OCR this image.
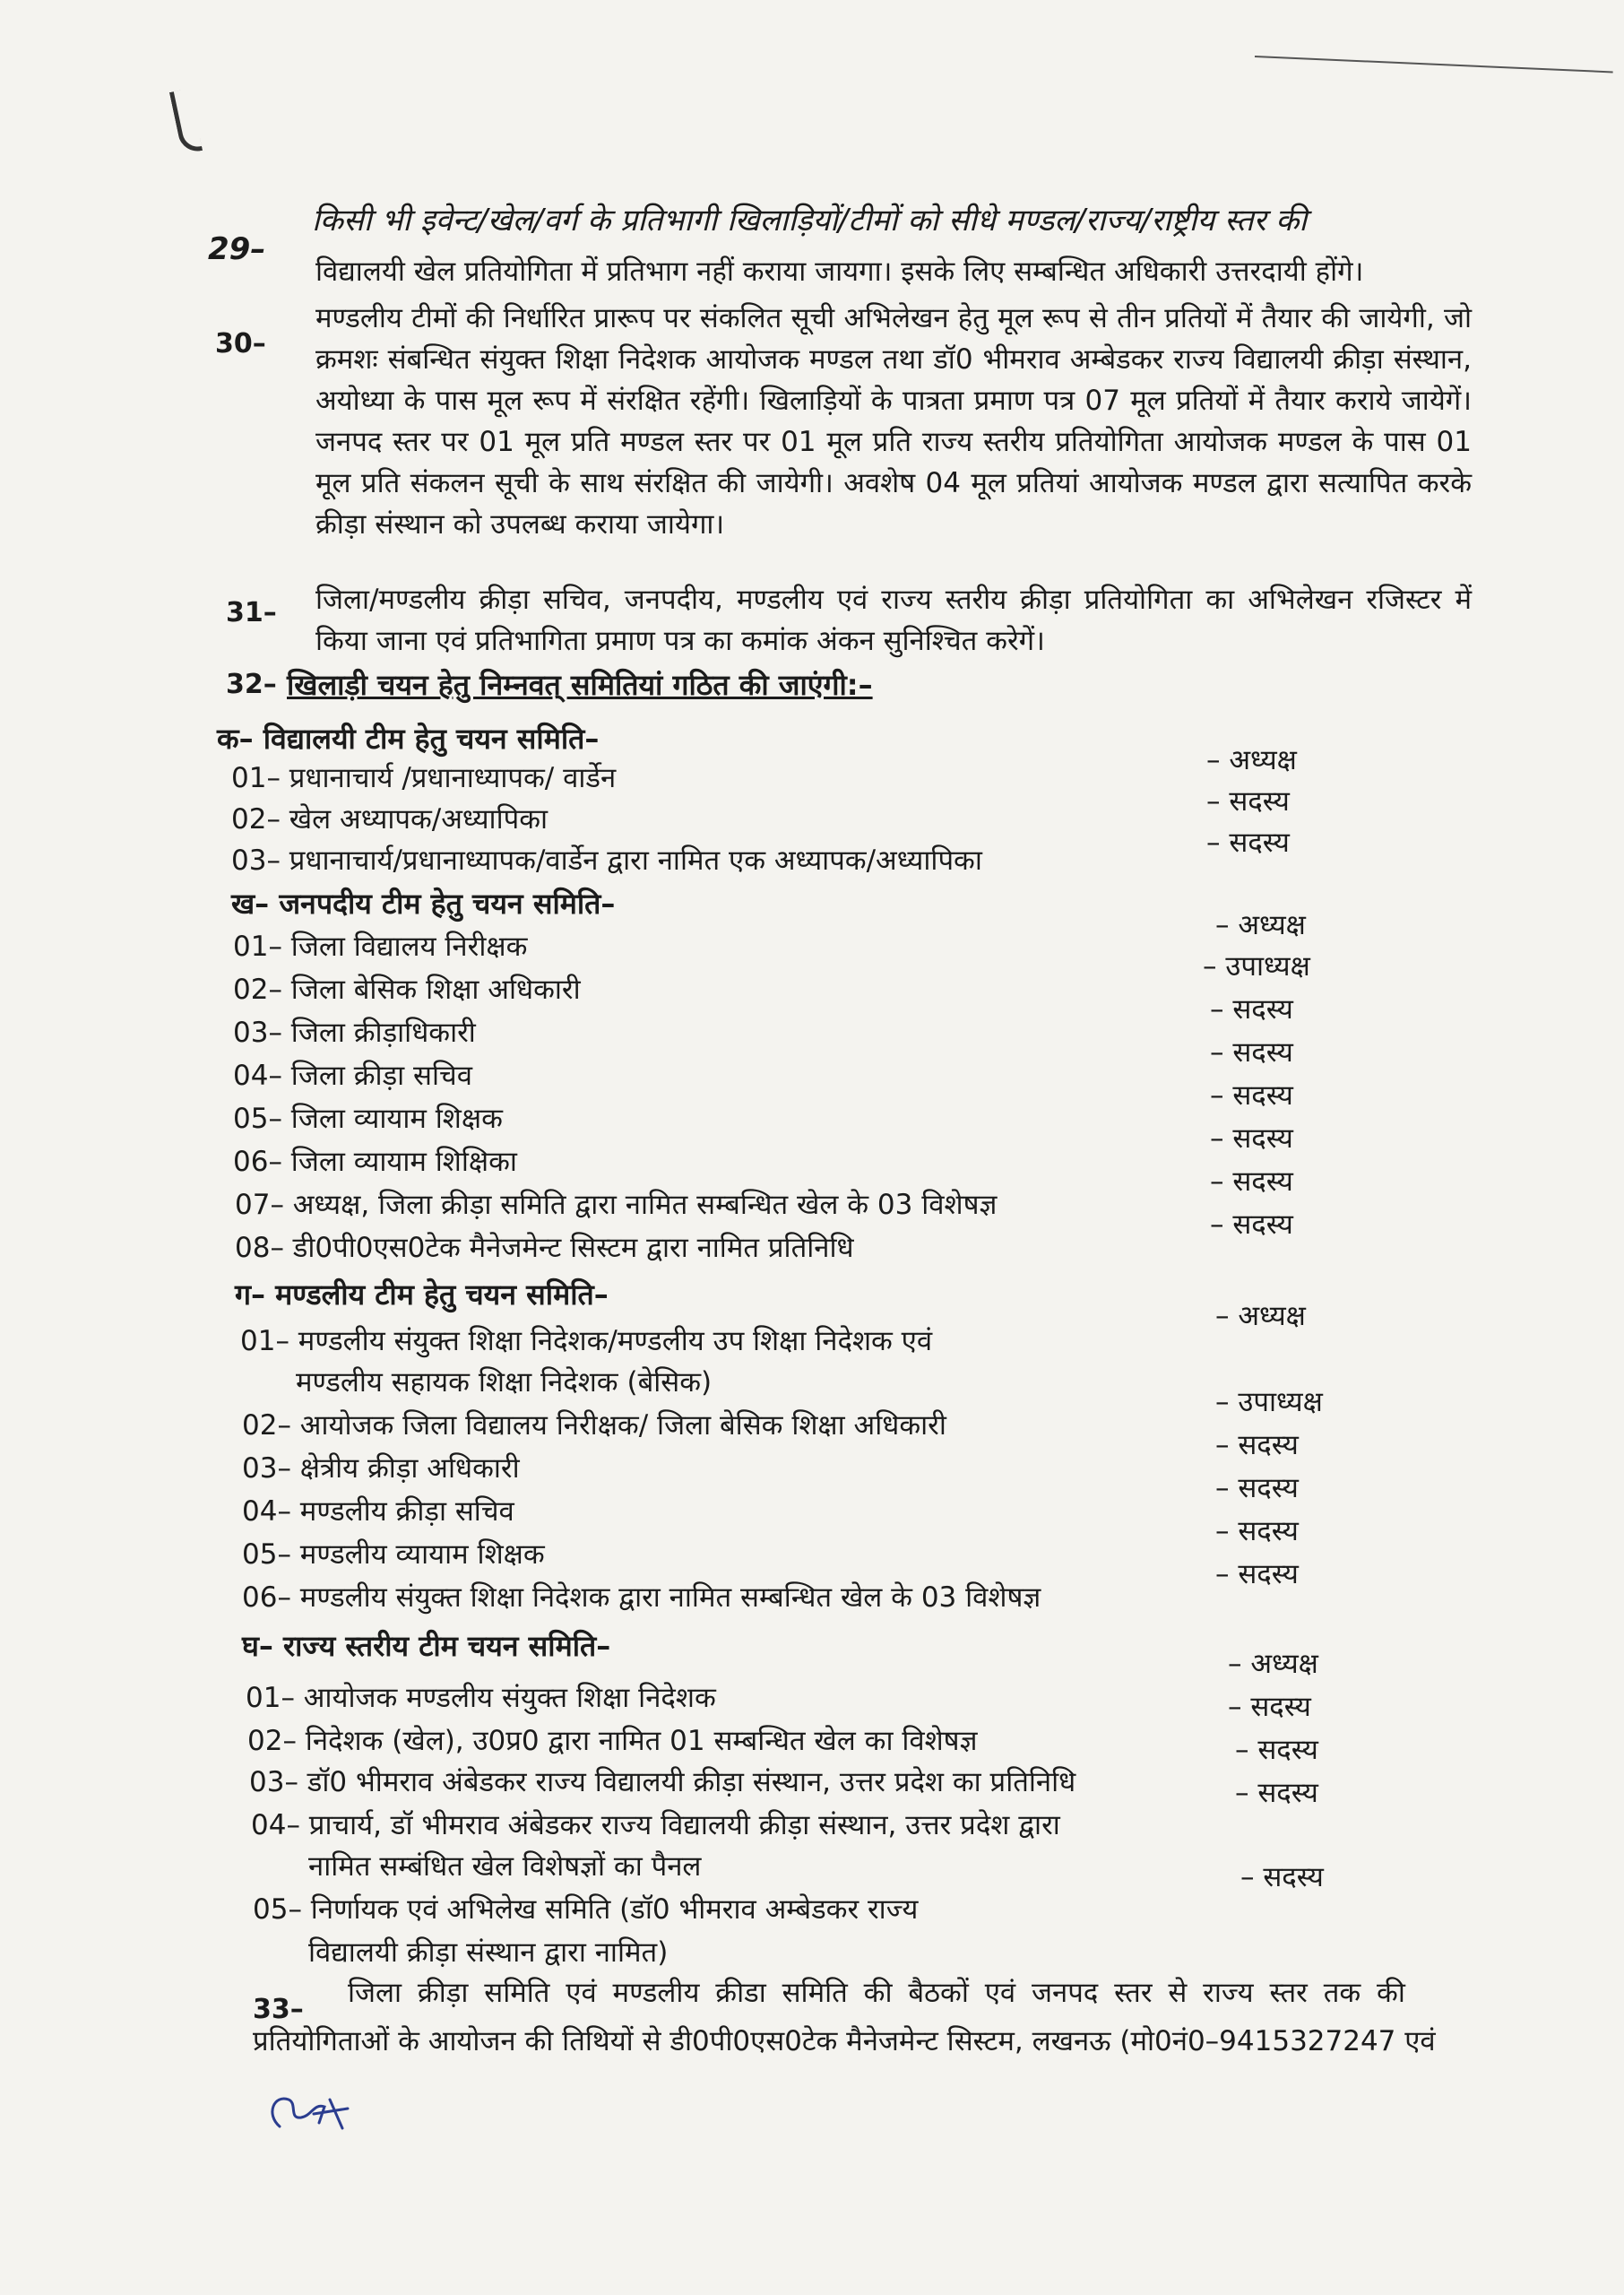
29–
किसी भी इवेन्ट/खेल/वर्ग के प्रतिभागी खिलाड़ियों/टीमों को सीधे मण्डल/राज्य/राष्ट्रीय स्तर की
विद्यालयी खेल प्रतियोगिता में प्रतिभाग नहीं कराया जायगा। इसके लिए सम्बन्धित अधिकारी उत्तरदायी होंगे।
30–
मण्डलीय टीमों की निर्धारित प्रारूप पर संकलित सूची अभिलेखन हेतु मूल रूप से तीन प्रतियों में तैयार की जायेगी, जो क्रमशः संबन्धित संयुक्त शिक्षा निदेशक आयोजक मण्डल तथा डॉ0 भीमराव अम्बेडकर राज्य विद्यालयी क्रीड़ा संस्थान, अयोध्या के पास मूल रूप में संरक्षित रहेंगी। खिलाड़ियों के पात्रता प्रमाण पत्र 07 मूल प्रतियों में तैयार कराये जायेगें। जनपद स्तर पर 01 मूल प्रति मण्डल स्तर पर 01 मूल प्रति राज्य स्तरीय प्रतियोगिता आयोजक मण्डल के पास 01 मूल प्रति संकलन सूची के साथ संरक्षित की जायेगी। अवशेष 04 मूल प्रतियां आयोजक मण्डल द्वारा सत्यापित करके क्रीड़ा संस्थान को उपलब्ध कराया जायेगा।
31– जिला/मण्डलीय क्रीड़ा सचिव, जनपदीय, मण्डलीय एवं राज्य स्तरीय क्रीड़ा प्रतियोगिता का अभिलेखन रजिस्टर में किया जाना एवं प्रतिभागिता प्रमाण पत्र का कमांक अंकन सुनिश्चित करेगें।
32– खिलाड़ी चयन हेतु निम्नवत् समितियां गठित की जाएंगी:–
क– विद्यालयी टीम हेतु चयन समिति–
01– प्रधानाचार्य /प्रधानाध्यापक/ वार्डेन
– अध्यक्ष
02– खेल अध्यापक/अध्यापिका
– सदस्य
03– प्रधानाचार्य/प्रधानाध्यापक/वार्डेन द्वारा नामित एक अध्यापक/अध्यापिका
– सदस्य
ख– जनपदीय टीम हेतु चयन समिति–
01– जिला विद्यालय निरीक्षक
– अध्यक्ष
02– जिला बेसिक शिक्षा अधिकारी
– उपाध्यक्ष
03– जिला क्रीड़ाधिकारी
– सदस्य
04– जिला क्रीड़ा सचिव
– सदस्य
05– जिला व्यायाम शिक्षक
– सदस्य
06– जिला व्यायाम शिक्षिका
– सदस्य
07– अध्यक्ष, जिला क्रीड़ा समिति द्वारा नामित सम्बन्धित खेल के 03 विशेषज्ञ
– सदस्य
08– डी0पी0एस0टेक मैनेजमेन्ट सिस्टम द्वारा नामित प्रतिनिधि
– सदस्य
ग– मण्डलीय टीम हेतु चयन समिति–
01– मण्डलीय संयुक्त शिक्षा निदेशक/मण्डलीय उप शिक्षा निदेशक एवं
मण्डलीय सहायक शिक्षा निदेशक (बेसिक)
– अध्यक्ष
02– आयोजक जिला विद्यालय निरीक्षक/ जिला बेसिक शिक्षा अधिकारी
– उपाध्यक्ष
03– क्षेत्रीय क्रीड़ा अधिकारी
– सदस्य
04– मण्डलीय क्रीड़ा सचिव
– सदस्य
05– मण्डलीय व्यायाम शिक्षक
– सदस्य
06– मण्डलीय संयुक्त शिक्षा निदेशक द्वारा नामित सम्बन्धित खेल के 03 विशेषज्ञ
– सदस्य
घ– राज्य स्तरीय टीम चयन समिति–
01– आयोजक मण्डलीय संयुक्त शिक्षा निदेशक
– अध्यक्ष
02– निदेशक (खेल), उ0प्र0 द्वारा नामित 01 सम्बन्धित खेल का विशेषज्ञ
– सदस्य
03– डॉ0 भीमराव अंबेडकर राज्य विद्यालयी क्रीड़ा संस्थान, उत्तर प्रदेश का प्रतिनिधि
– सदस्य
04– प्राचार्य, डॉ भीमराव अंबेडकर राज्य विद्यालयी क्रीड़ा संस्थान, उत्तर प्रदेश द्वारा
नामित सम्बंधित खेल विशेषज्ञों का पैनल
– सदस्य
05– निर्णायक एवं अभिलेख समिति (डॉ0 भीमराव अम्बेडकर राज्य
विद्यालयी क्रीड़ा संस्थान द्वारा नामित)
– सदस्य
33–
जिला क्रीड़ा समिति एवं मण्डलीय क्रीडा समिति की बैठकों एवं जनपद स्तर से राज्य स्तर तक की
प्रतियोगिताओं के आयोजन की तिथियों से डी0पी0एस0टेक मैनेजमेन्ट सिस्टम, लखनऊ (मो0नं0–9415327247 एवं
